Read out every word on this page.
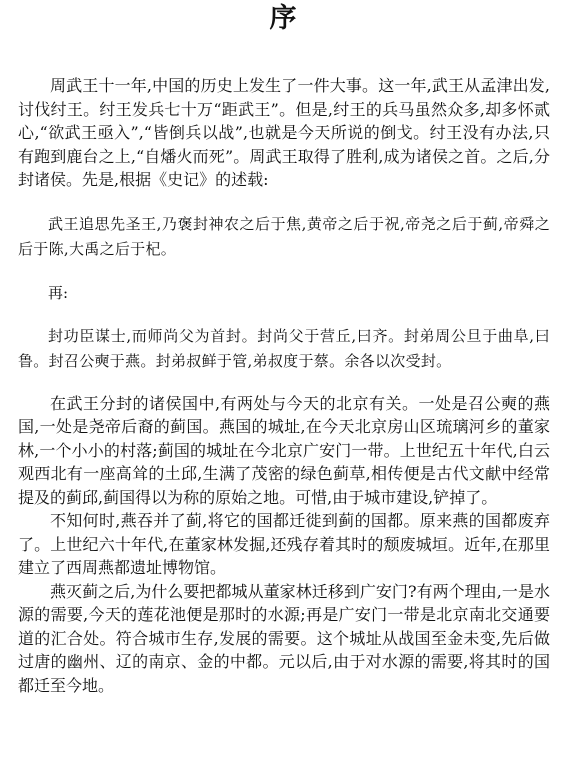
序

周武王十一年,中国的历史上发生了一件大事。这一年,武王从孟津出发,讨伐纣王。纣王发兵七十万“距武王”。但是,纣王的兵马虽然众多,却多怀贰心,“欲武王亟入”,“皆倒兵以战”,也就是今天所说的倒戈。纣王没有办法,只有跑到鹿台之上,“自燔火而死”。周武王取得了胜利,成为诸侯之首。之后,分封诸侯。先是,根据《史记》的述载:

武王追思先圣王,乃褒封神农之后于焦,黄帝之后于祝,帝尧之后于蓟,帝舜之后于陈,大禹之后于杞。

再:

封功臣谋士,而师尚父为首封。封尚父于营丘,曰齐。封弟周公旦于曲阜,曰鲁。封召公奭于燕。封弟叔鲜于管,弟叔度于蔡。余各以次受封。

在武王分封的诸侯国中,有两处与今天的北京有关。一处是召公奭的燕国,一处是尧帝后裔的蓟国。燕国的城址,在今天北京房山区琉璃河乡的董家林,一个小小的村落;蓟国的城址在今北京广安门一带。上世纪五十年代,白云观西北有一座高耸的土邱,生满了茂密的绿色蓟草,相传便是古代文献中经常提及的蓟邱,蓟国得以为称的原始之地。可惜,由于城市建设,铲掉了。

不知何时,燕吞并了蓟,将它的国都迁徙到蓟的国都。原来燕的国都废弃了。上世纪六十年代,在董家林发掘,还残存着其时的颓废城垣。近年,在那里建立了西周燕都遗址博物馆。

燕灭蓟之后,为什么要把都城从董家林迁移到广安门?有两个理由,一是水源的需要,今天的莲花池便是那时的水源;再是广安门一带是北京南北交通要道的汇合处。符合城市生存,发展的需要。这个城址从战国至金未变,先后做过唐的幽州、辽的南京、金的中都。元以后,由于对水源的需要,将其时的国都迁至今地。
